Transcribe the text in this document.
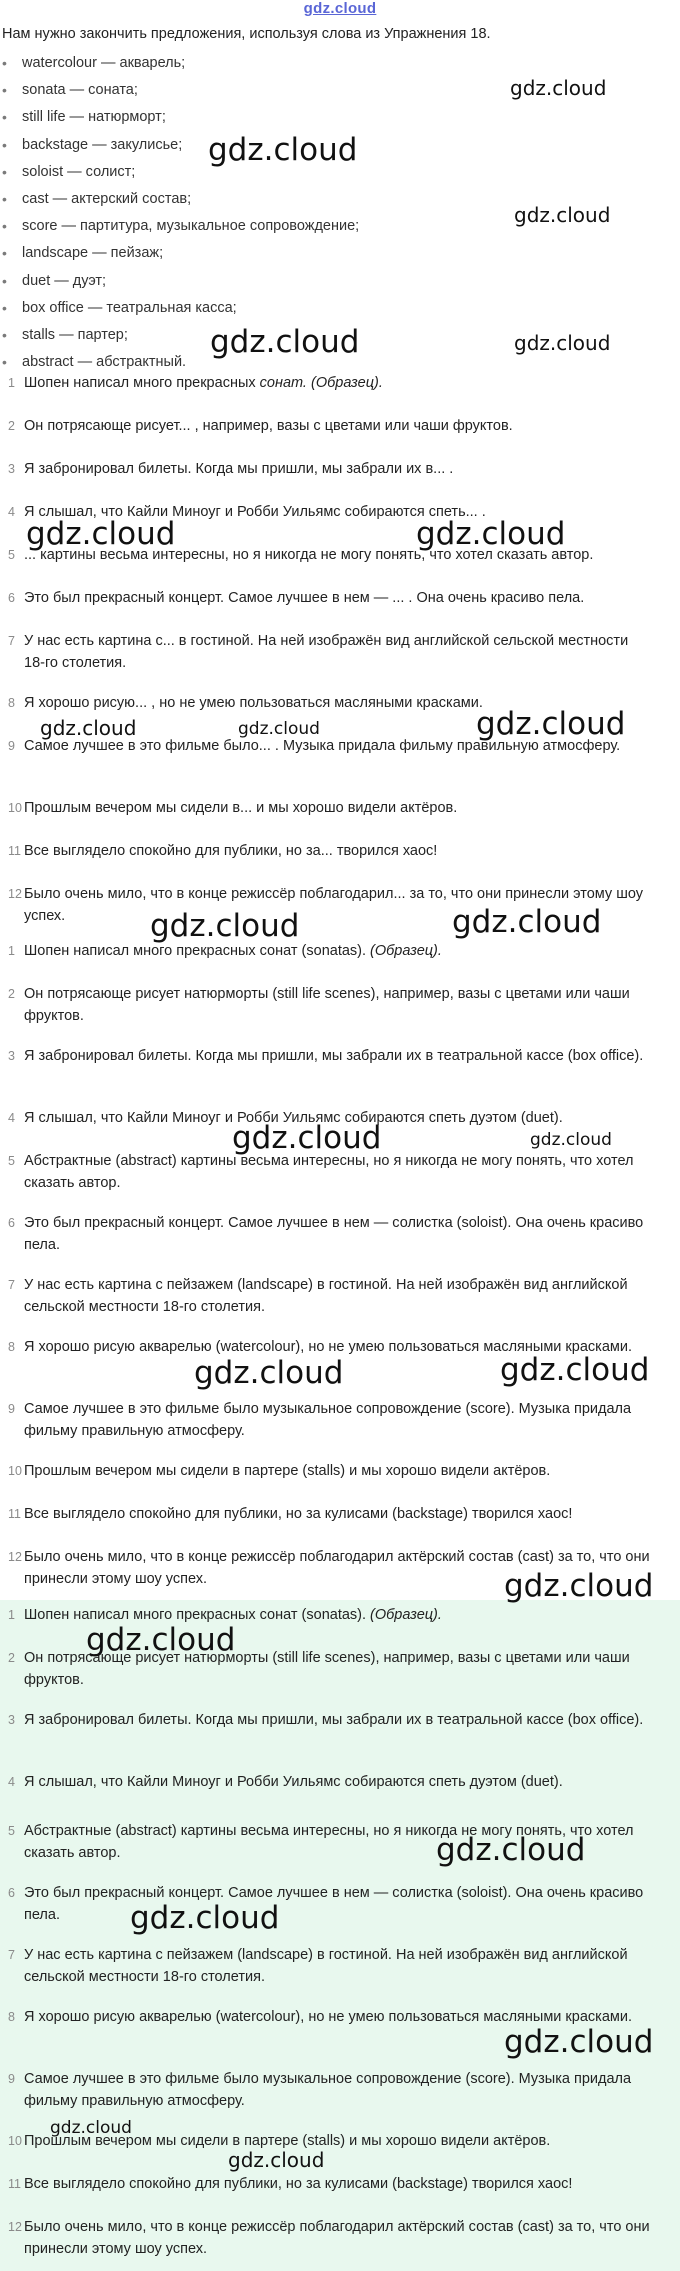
gdz.cloud
Нам нужно закончить предложения, используя слова из Упражнения 18.
• watercolour — акварель;
• sonata — соната;
• still life — натюрморт;
• backstage — закулисье;
• soloist — солист;
• cast — актерский состав;
• score — партитура, музыкальное сопровождение;
• landscape — пейзаж;
• duet — дуэт;
• box office — театральная касса;
• stalls — партер;
• abstract — абстрактный.
1 Шопен написал много прекрасных сонат. (Образец).
2 Он потрясающе рисует... , например, вазы с цветами или чаши фруктов.
3 Я забронировал билеты. Когда мы пришли, мы забрали их в... .
4 Я слышал, что Кайли Миноуг и Робби Уильямс собираются спеть... .
5 ... картины весьма интересны, но я никогда не могу понять, что хотел сказать автор.
6 Это был прекрасный концерт. Самое лучшее в нем — ... . Она очень красиво пела.
7 У нас есть картина с... в гостиной. На ней изображён вид английской сельской местности 18-го столетия.
8 Я хорошо рисую... , но не умею пользоваться масляными красками.
9 Самое лучшее в это фильме было... . Музыка придала фильму правильную атмосферу.
10 Прошлым вечером мы сидели в... и мы хорошо видели актёров.
11 Все выглядело спокойно для публики, но за... творился хаос!
12 Было очень мило, что в конце режиссёр поблагодарил... за то, что они принесли этому шоу успех.
1 Шопен написал много прекрасных сонат (sonatas). (Образец).
2 Он потрясающе рисует натюрморты (still life scenes), например, вазы с цветами или чаши фруктов.
3 Я забронировал билеты. Когда мы пришли, мы забрали их в театральной кассе (box office).
4 Я слышал, что Кайли Миноуг и Робби Уильямс собираются спеть дуэтом (duet).
5 Абстрактные (abstract) картины весьма интересны, но я никогда не могу понять, что хотел сказать автор.
6 Это был прекрасный концерт. Самое лучшее в нем — солистка (soloist). Она очень красиво пела.
7 У нас есть картина с пейзажем (landscape) в гостиной. На ней изображён вид английской сельской местности 18-го столетия.
8 Я хорошо рисую акварелью (watercolour), но не умею пользоваться масляными красками.
9 Самое лучшее в это фильме было музыкальное сопровождение (score). Музыка придала фильму правильную атмосферу.
10 Прошлым вечером мы сидели в партере (stalls) и мы хорошо видели актёров.
11 Все выглядело спокойно для публики, но за кулисами (backstage) творился хаос!
12 Было очень мило, что в конце режиссёр поблагодарил актёрский состав (cast) за то, что они принесли этому шоу успех.
1 Шопен написал много прекрасных сонат (sonatas). (Образец).
2 Он потрясающе рисует натюрморты (still life scenes), например, вазы с цветами или чаши фруктов.
3 Я забронировал билеты. Когда мы пришли, мы забрали их в театральной кассе (box office).
4 Я слышал, что Кайли Миноуг и Робби Уильямс собираются спеть дуэтом (duet).
5 Абстрактные (abstract) картины весьма интересны, но я никогда не могу понять, что хотел сказать автор.
6 Это был прекрасный концерт. Самое лучшее в нем — солистка (soloist). Она очень красиво пела.
7 У нас есть картина с пейзажем (landscape) в гостиной. На ней изображён вид английской сельской местности 18-го столетия.
8 Я хорошо рисую акварелью (watercolour), но не умею пользоваться масляными красками.
9 Самое лучшее в это фильме было музыкальное сопровождение (score). Музыка придала фильму правильную атмосферу.
10 Прошлым вечером мы сидели в партере (stalls) и мы хорошо видели актёров.
11 Все выглядело спокойно для публики, но за кулисами (backstage) творился хаос!
12 Было очень мило, что в конце режиссёр поблагодарил актёрский состав (cast) за то, что они принесли этому шоу успех.
gdz.cloud
gdz.cloud
gdz.cloud
gdz.cloud	gdz.cloud
gdz.cloud	gdz.cloud
gdz.cloud	gdz.cloud	gdz.cloud
gdz.cloud	gdz.cloud
gdz.cloud	gdz.cloud
gdz.cloud	gdz.cloud
gdz.cloud
gdz.cloud
gdz.cloud
gdz.cloud
gdz.cloud
gdz.cloud
gdz.cloud
